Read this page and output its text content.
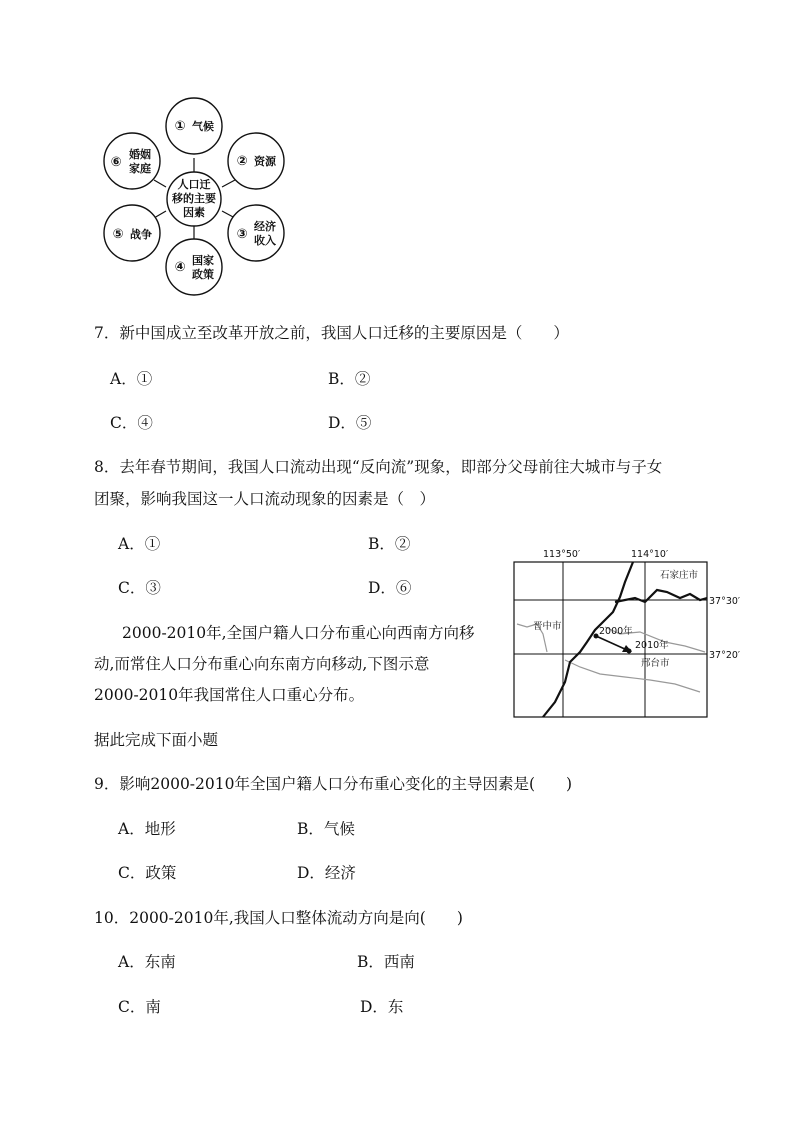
人口迁
移的主要
因素
① 气候
② 资源
③
经济
收入
④ 国家
政策
⑤ 战争
⑥
婚姻
家庭
7．新中国成立至改革开放之前，我国人口迁移的主要原因是（　　）
A．①	B．②
C．④	D．⑤
8．去年春节期间，我国人口流动出现“反向流”现象，即部分父母前往大城市与子女
团聚，影响我国这一人口流动现象的因素是（　）
A．①	B．②
C．③	D．⑥
2000-2010年,全国户籍人口分布重心向西南方向移
动,而常住人口分布重心向东南方向移动,下图示意
2000-2010年我国常住人口重心分布。
据此完成下面小题
113°50′	114°10′
37°30′
37°20′
石家庄市
晋中市
邢台市
2000年
2010年
9．影响2000-2010年全国户籍人口分布重心变化的主导因素是(　　)
A．地形	B．气候
C．政策	D．经济
10．2000-2010年,我国人口整体流动方向是向(　　)
A．东南	B．西南
C．南	D．东
